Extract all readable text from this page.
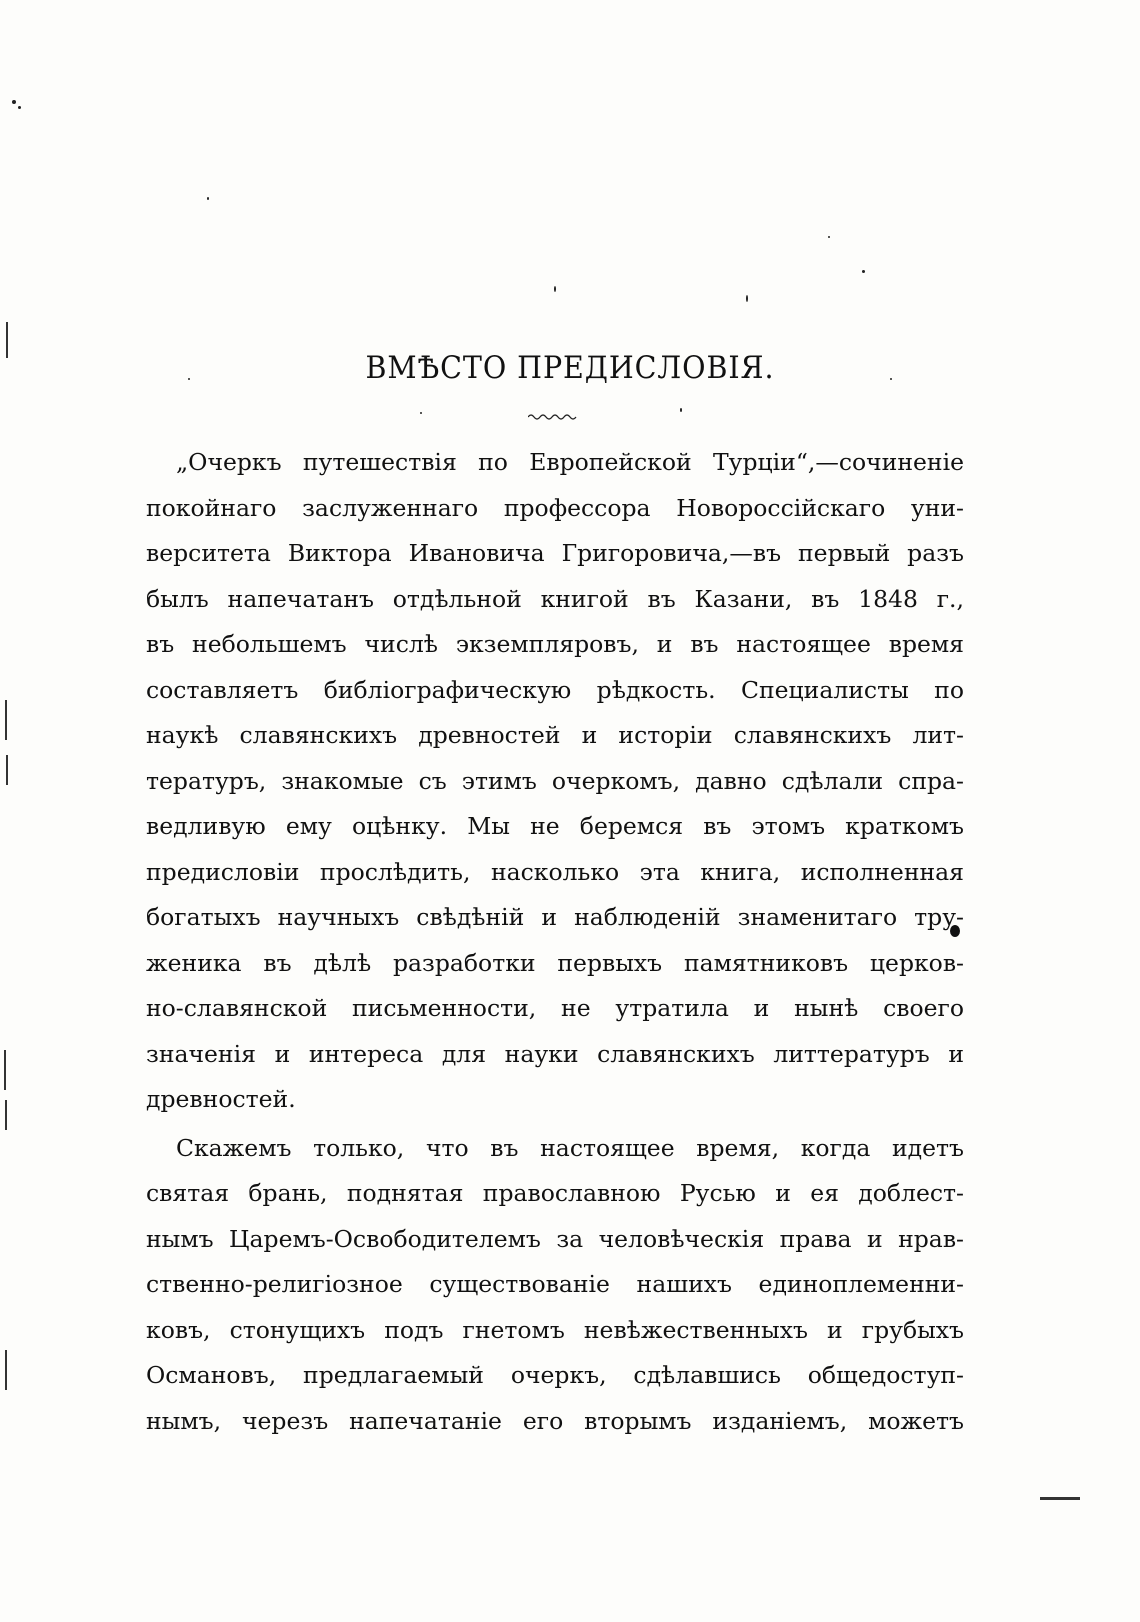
ВМѢСТО ПРЕДИСЛОВІЯ.
„Очеркъ путешествія по Европейской Турціи“,—сочиненіе
покойнаго заслуженнаго профессора Новороссійскаго уни-
верситета Виктора Ивановича Григоровича,—въ первый разъ
былъ напечатанъ отдѣльной книгой въ Казани, въ 1848 г.,
въ небольшемъ числѣ экземпляровъ, и въ настоящее время
составляетъ библіографическую рѣдкость. Специалисты по
наукѣ славянскихъ древностей и исторіи славянскихъ лит-
тературъ, знакомые съ этимъ очеркомъ, давно сдѣлали спра-
ведливую ему оцѣнку. Мы не беремся въ этомъ краткомъ
предисловіи прослѣдить, насколько эта книга, исполненная
богатыхъ научныхъ свѣдѣній и наблюденій знаменитаго тру-
женика въ дѣлѣ разработки первыхъ памятниковъ церков-
но-славянской письменности, не утратила и нынѣ своего
значенія и интереса для науки славянскихъ литтературъ и
древностей.
Скажемъ только, что въ настоящее время, когда идетъ
святая брань, поднятая православною Русью и ея доблест-
нымъ Царемъ-Освободителемъ за человѣческія права и нрав-
ственно-религіозное существованіе нашихъ единоплеменни-
ковъ, стонущихъ подъ гнетомъ невѣжественныхъ и грубыхъ
Османовъ, предлагаемый очеркъ, сдѣлавшись общедоступ-
нымъ, черезъ напечатаніе его вторымъ изданіемъ, можетъ
